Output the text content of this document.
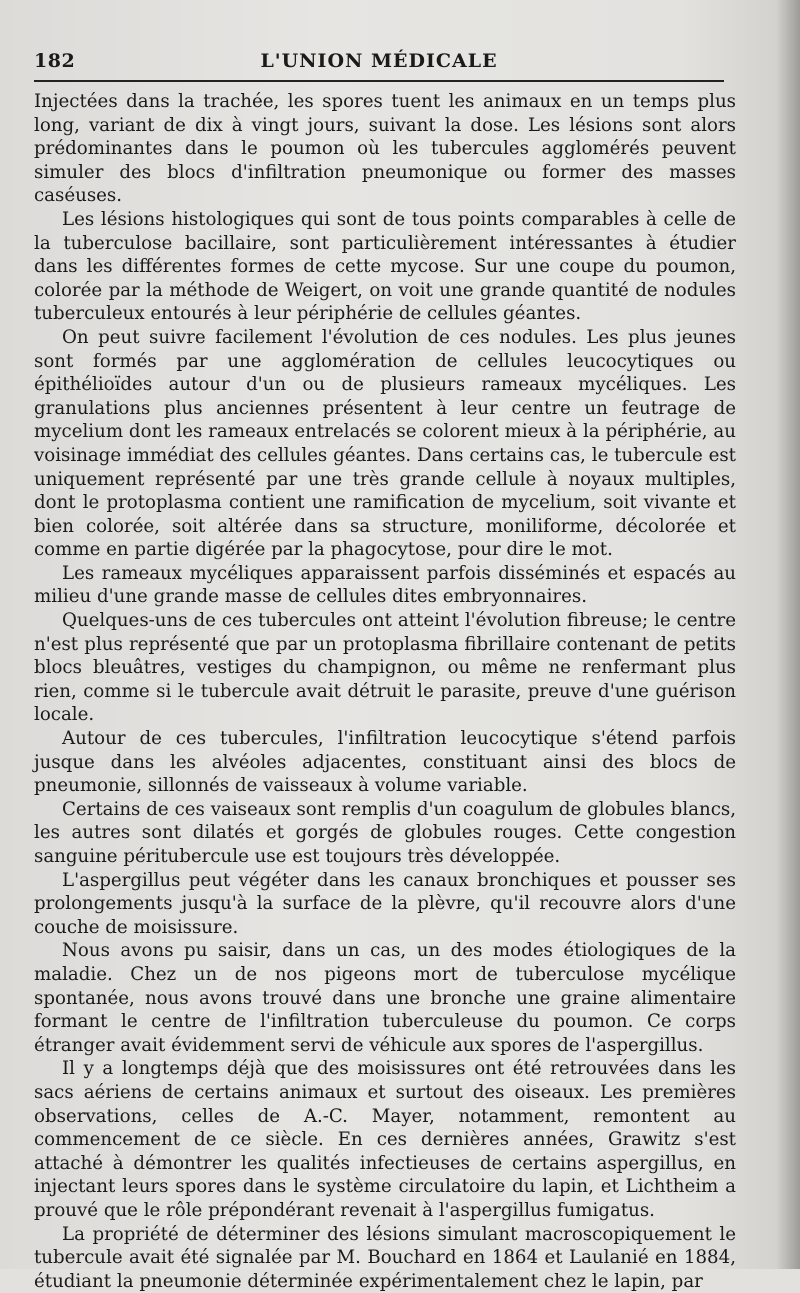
182	L'UNION MÉDICALE

Injectées dans la trachée, les spores tuent les animaux en un temps plus long, variant de dix à vingt jours, suivant la dose. Les lésions sont alors prédominantes dans le poumon où les tubercules agglomérés peuvent simuler des blocs d'infiltration pneumonique ou former des masses caséuses.

Les lésions histologiques qui sont de tous points comparables à celle de la tuberculose bacillaire, sont particulièrement intéressantes à étudier dans les différentes formes de cette mycose. Sur une coupe du poumon, colorée par la méthode de Weigert, on voit une grande quantité de nodules tuberculeux entourés à leur périphérie de cellules géantes.

On peut suivre facilement l'évolution de ces nodules. Les plus jeunes sont formés par une agglomération de cellules leucocytiques ou épithélioïdes autour d'un ou de plusieurs rameaux mycéliques. Les granulations plus anciennes présentent à leur centre un feutrage de mycelium dont les rameaux entrelacés se colorent mieux à la périphérie, au voisinage immédiat des cellules géantes. Dans certains cas, le tubercule est uniquement représenté par une très grande cellule à noyaux multiples, dont le protoplasma contient une ramification de mycelium, soit vivante et bien colorée, soit altérée dans sa structure, moniliforme, décolorée et comme en partie digérée par la phagocytose, pour dire le mot.

Les rameaux mycéliques apparaissent parfois disséminés et espacés au milieu d'une grande masse de cellules dites embryonnaires.

Quelques-uns de ces tubercules ont atteint l'évolution fibreuse; le centre n'est plus représenté que par un protoplasma fibrillaire contenant de petits blocs bleuâtres, vestiges du champignon, ou même ne renfermant plus rien, comme si le tubercule avait détruit le parasite, preuve d'une guérison locale.

Autour de ces tubercules, l'infiltration leucocytique s'étend parfois jusque dans les alvéoles adjacentes, constituant ainsi des blocs de pneumonie, sillonnés de vaisseaux à volume variable.

Certains de ces vaiseaux sont remplis d'un coagulum de globules blancs, les autres sont dilatés et gorgés de globules rouges. Cette congestion sanguine péritubercule use est toujours très développée.

L'aspergillus peut végéter dans les canaux bronchiques et pousser ses prolongements jusqu'à la surface de la plèvre, qu'il recouvre alors d'une couche de moisissure.

Nous avons pu saisir, dans un cas, un des modes étiologiques de la maladie. Chez un de nos pigeons mort de tuberculose mycélique spontanée, nous avons trouvé dans une bronche une graine alimentaire formant le centre de l'infiltration tuberculeuse du poumon. Ce corps étranger avait évidemment servi de véhicule aux spores de l'aspergillus.

Il y a longtemps déjà que des moisissures ont été retrouvées dans les sacs aériens de certains animaux et surtout des oiseaux. Les premières observations, celles de A.-C. Mayer, notamment, remontent au commencement de ce siècle. En ces dernières années, Grawitz s'est attaché à démontrer les qualités infectieuses de certains aspergillus, en injectant leurs spores dans le système circulatoire du lapin, et Lichtheim a prouvé que le rôle prépondérant revenait à l'aspergillus fumigatus.

La propriété de déterminer des lésions simulant macroscopiquement le tubercule avait été signalée par M. Bouchard en 1864 et Laulanié en 1884, étudiant la pneumonie déterminée expérimentalement chez le lapin, par
